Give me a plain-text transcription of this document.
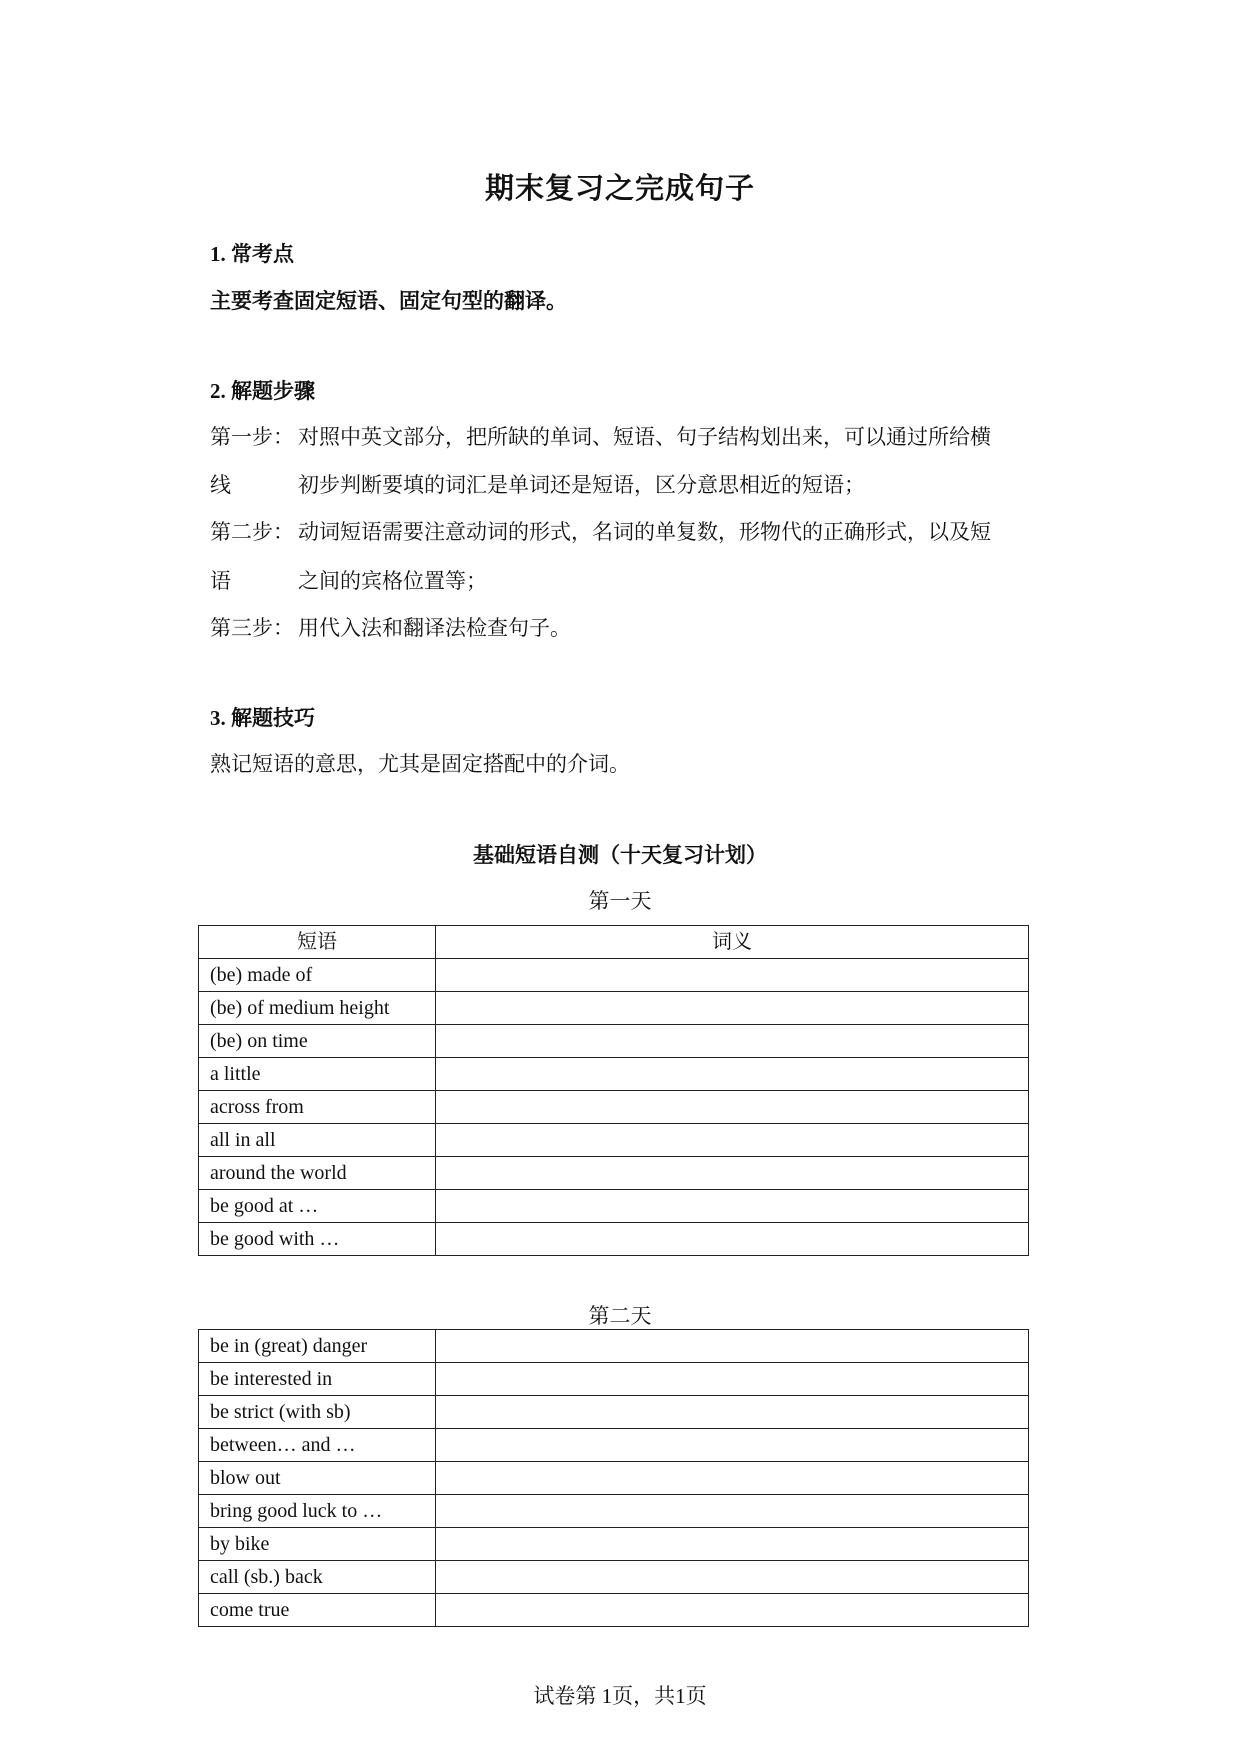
期末复习之完成句子
1. 常考点
主要考查固定短语、固定句型的翻译。
2. 解题步骤
第一步： 对照中英文部分，把所缺的单词、短语、句子结构划出来，可以通过所给横
线	初步判断要填的词汇是单词还是短语，区分意思相近的短语；
第二步： 动词短语需要注意动词的形式，名词的单复数，形物代的正确形式，以及短
语	之间的宾格位置等；
第三步： 用代入法和翻译法检查句子。
3. 解题技巧
熟记短语的意思，尤其是固定搭配中的介词。
基础短语自测（十天复习计划）
第一天
短语	词义
(be) made of	
(be) of medium height	
(be) on time	
a little	
across from	
all in all	
around the world	
be good at …	
be good with …	
第二天
be in (great) danger	
be interested in	
be strict (with sb)	
between… and …	
blow out	
bring good luck to …	
by bike	
call (sb.) back	
come true	
试卷第 1页，共1页
